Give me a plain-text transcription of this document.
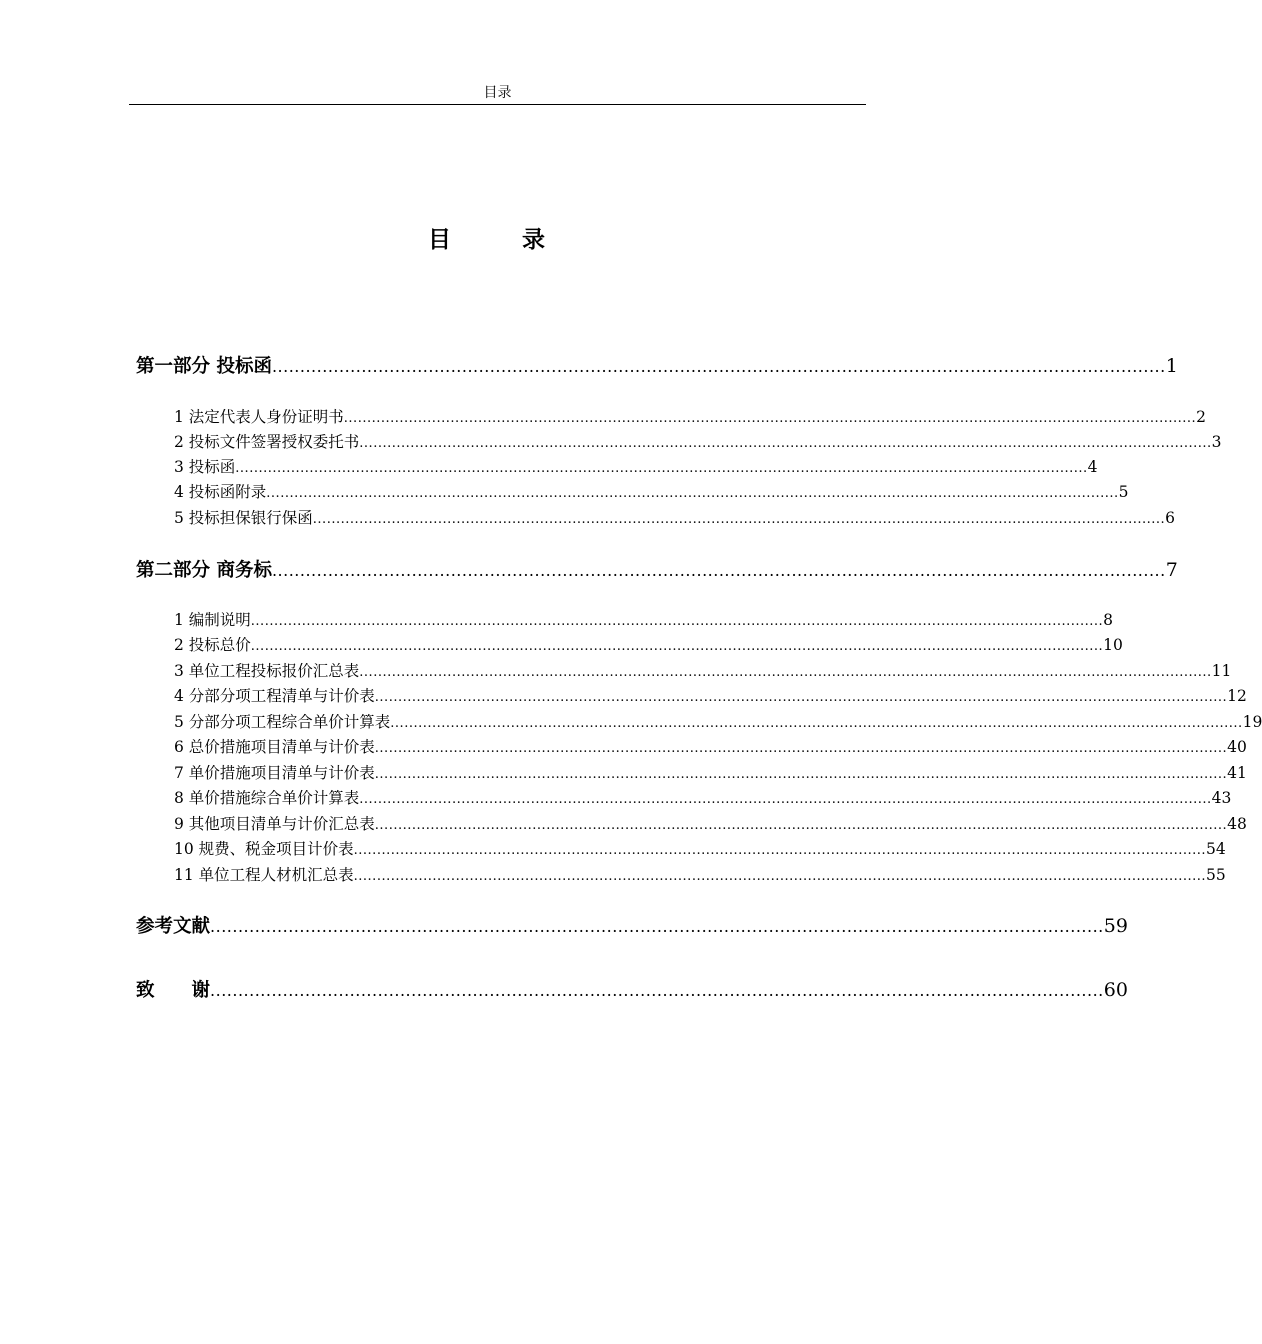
目录
目　录
第一部分 投标函 ................................................................................................................................................................ 1
1 法定代表人身份证明书 ........................................................................................................................................................................................ 2
2 投标文件签署授权委托书 ........................................................................................................................................................................................ 3
3 投标函 ........................................................................................................................................................................................ 4
4 投标函附录 ........................................................................................................................................................................................ 5
5 投标担保银行保函 ........................................................................................................................................................................................ 6
第二部分 商务标 ................................................................................................................................................................ 7
1 编制说明 ........................................................................................................................................................................................ 8
2 投标总价 ........................................................................................................................................................................................ 10
3 单位工程投标报价汇总表 ........................................................................................................................................................................................ 11
4 分部分项工程清单与计价表 ........................................................................................................................................................................................ 12
5 分部分项工程综合单价计算表 ........................................................................................................................................................................................ 19
6 总价措施项目清单与计价表 ........................................................................................................................................................................................ 40
7 单价措施项目清单与计价表 ........................................................................................................................................................................................ 41
8 单价措施综合单价计算表 ........................................................................................................................................................................................ 43
9 其他项目清单与计价汇总表 ........................................................................................................................................................................................ 48
10 规费、税金项目计价表 ........................................................................................................................................................................................ 54
11 单位工程人材机汇总表 ........................................................................................................................................................................................ 55
参考文献 ................................................................................................................................................................ 59
致　　谢 ................................................................................................................................................................ 60
